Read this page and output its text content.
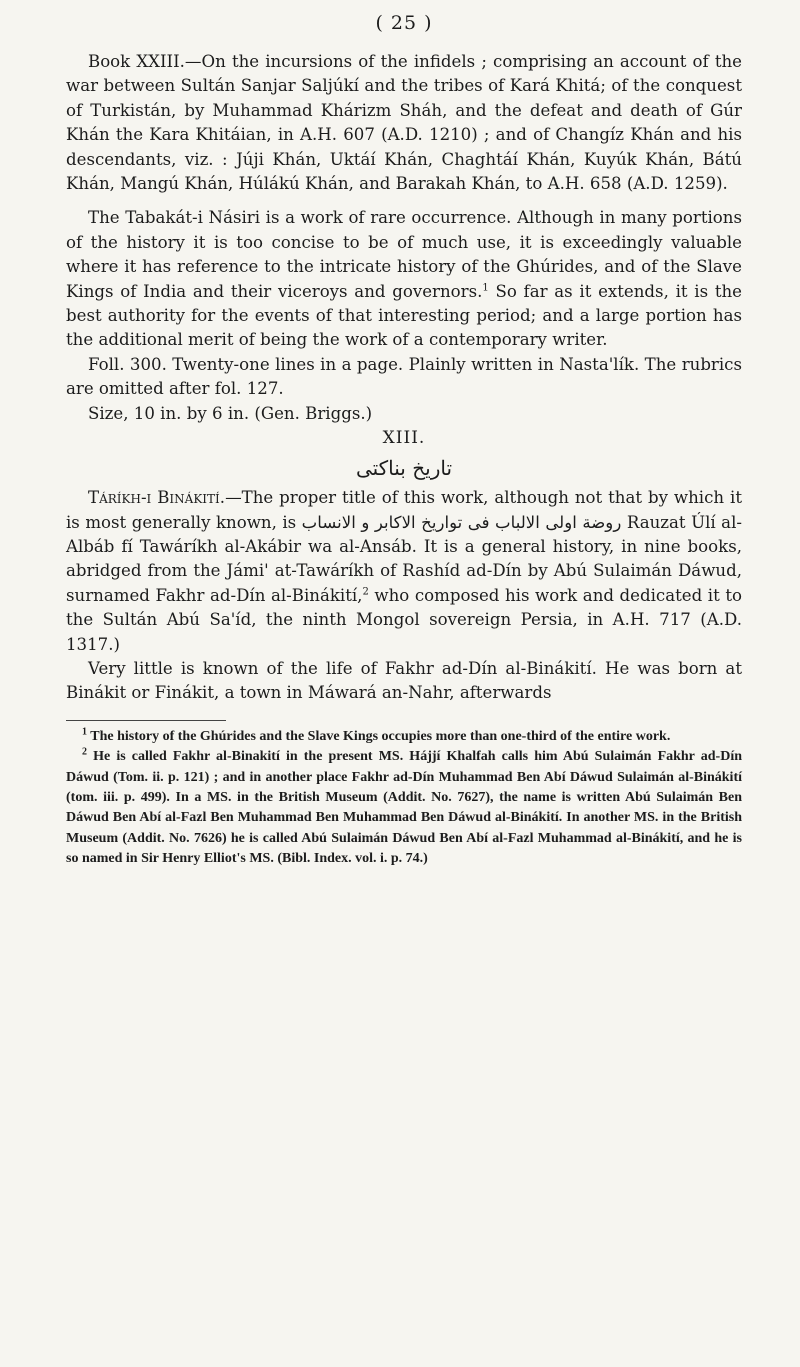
( 25 )

Book XXIII.—On the incursions of the infidels ; comprising an account of the war between Sultán Sanjar Saljúkí and the tribes of Kará Khitá; of the conquest of Turkistán, by Muhammad Khárizm Sháh, and the defeat and death of Gúr Khán the Kara Khitáian, in A.H. 607 (A.D. 1210) ; and of Changíz Khán and his descendants, viz. : Júji Khán, Uktáí Khán, Chaghtáí Khán, Kuyúk Khán, Bátú Khán, Mangú Khán, Húlákú Khán, and Barakah Khán, to A.H. 658 (A.D. 1259).

The Tabakát-i Násiri is a work of rare occurrence. Although in many portions of the history it is too concise to be of much use, it is exceedingly valuable where it has reference to the intricate history of the Ghúrides, and of the Slave Kings of India and their viceroys and governors.$^1$ So far as it extends, it is the best authority for the events of that interesting period; and a large portion has the additional merit of being the work of a contemporary writer.

Foll. 300. Twenty-one lines in a page. Plainly written in Nasta'lík. The rubrics are omitted after fol. 127.

Size, 10 in. by 6 in. (Gen. Briggs.)

XIII.
تاریخ بناکتی

Táríkh-i Binákití.—The proper title of this work, although not that by which it is most generally known, is روضة اولی الالباب فی تواریخ الاکابر و الانساب Rauzat Úlí al-Albáb fí Tawáríkh al-Akábir wa al-Ansáb. It is a general history, in nine books, abridged from the Jámi' at-Tawáríkh of Rashíd ad-Dín by Abú Sulaimán Dáwud, surnamed Fakhr ad-Dín al-Binákití,$^2$ who composed his work and dedicated it to the Sultán Abú Sa'íd, the ninth Mongol sovereign Persia, in A.H. 717 (A.D. 1317.)

Very little is known of the life of Fakhr ad-Dín al-Binákití. He was born at Binákit or Finákit, a town in Máwará an-Nahr, afterwards

$^1$ The history of the Ghúrides and the Slave Kings occupies more than one-third of the entire work.

$^2$ He is called Fakhr al-Binakití in the present MS. Hájjí Khalfah calls him Abú Sulaimán Fakhr ad-Dín Dáwud (Tom. ii. p. 121) ; and in another place Fakhr ad-Dín Muhammad Ben Abí Dáwud Sulaimán al-Binákití (tom. iii. p. 499). In a MS. in the British Museum (Addit. No. 7627), the name is written Abú Sulaimán Ben Dáwud Ben Abí al-Fazl Ben Muhammad Ben Muhammad Ben Dáwud al-Binákití. In another MS. in the British Museum (Addit. No. 7626) he is called Abú Sulaimán Dáwud Ben Abí al-Fazl Muhammad al-Binákití, and he is so named in Sir Henry Elliot's MS. (Bibl. Index. vol. i. p. 74.)
